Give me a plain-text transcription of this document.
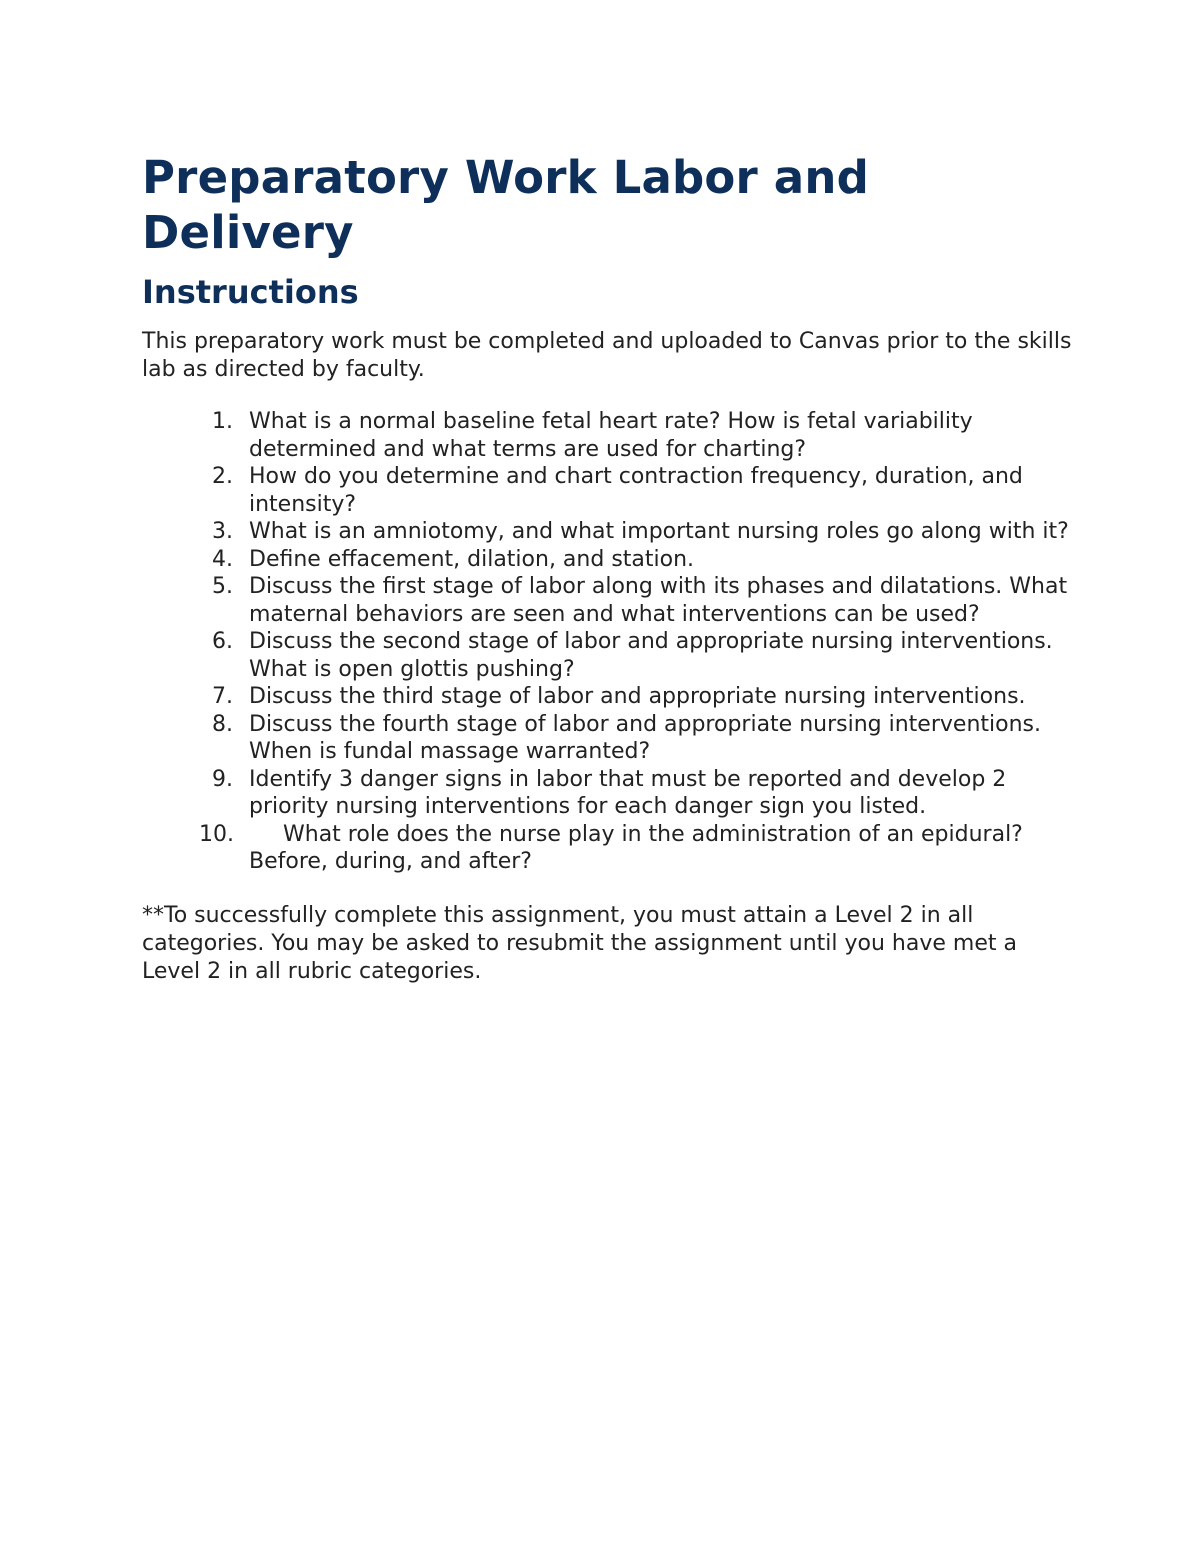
Preparatory Work Labor and Delivery
Instructions

This preparatory work must be completed and uploaded to Canvas prior to the skills lab as directed by faculty.

1. What is a normal baseline fetal heart rate? How is fetal variability determined and what terms are used for charting?
2. How do you determine and chart contraction frequency, duration, and intensity?
3. What is an amniotomy, and what important nursing roles go along with it?
4. Define effacement, dilation, and station.
5. Discuss the first stage of labor along with its phases and dilatations. What maternal behaviors are seen and what interventions can be used?
6. Discuss the second stage of labor and appropriate nursing interventions. What is open glottis pushing?
7. Discuss the third stage of labor and appropriate nursing interventions.
8. Discuss the fourth stage of labor and appropriate nursing interventions. When is fundal massage warranted?
9. Identify 3 danger signs in labor that must be reported and develop 2 priority nursing interventions for each danger sign you listed.
10.	What role does the nurse play in the administration of an epidural? Before, during, and after?

**To successfully complete this assignment, you must attain a Level 2 in all categories. You may be asked to resubmit the assignment until you have met a Level 2 in all rubric categories.
